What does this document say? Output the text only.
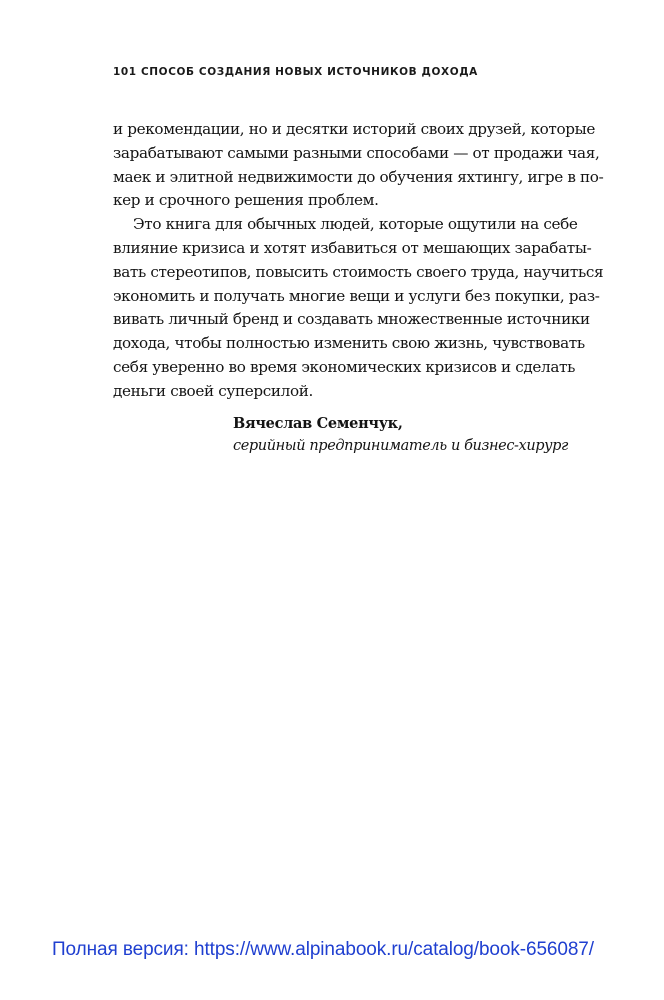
101 СПОСОБ СОЗДАНИЯ НОВЫХ ИСТОЧНИКОВ ДОХОДА
и рекомендации, но и десятки историй своих друзей, которые
зарабатывают самыми разными способами — от продажи чая,
маек и элитной недвижимости до обучения яхтингу, игре в по-
кер и срочного решения проблем.
Это книга для обычных людей, которые ощутили на себе
влияние кризиса и хотят избавиться от мешающих зарабаты-
вать стереотипов, повысить стоимость своего труда, научиться
экономить и получать многие вещи и услуги без покупки, раз-
вивать личный бренд и создавать множественные источники
дохода, чтобы полностью изменить свою жизнь, чувствовать
себя уверенно во время экономических кризисов и сделать
деньги своей суперсилой.
Вячеслав Семенчук,
серийный предприниматель и бизнес-хирург
Полная версия: https://www.alpinabook.ru/catalog/book-656087/
